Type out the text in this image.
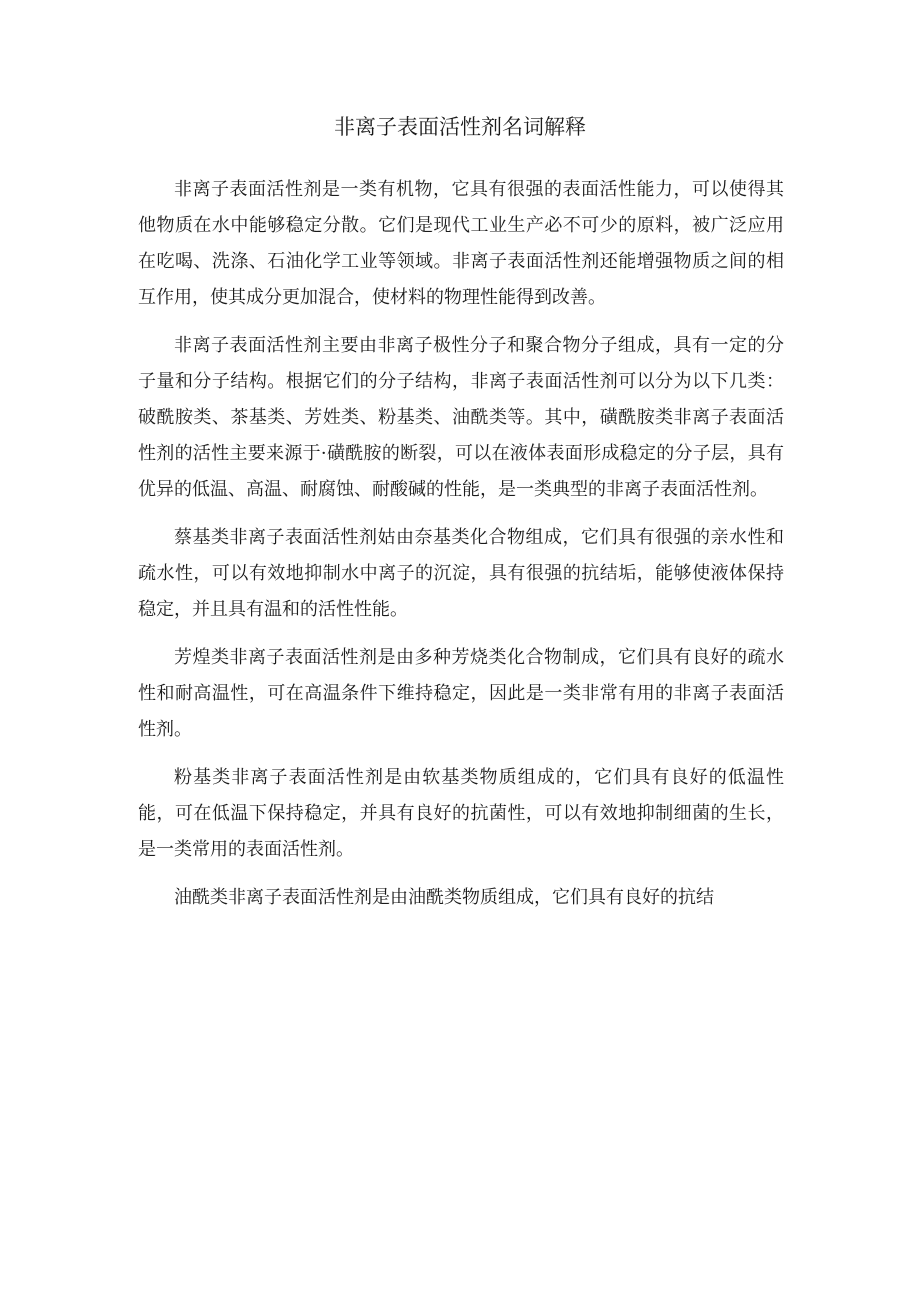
非离子表面活性剂名词解释

非离子表面活性剂是一类有机物，它具有很强的表面活性能力，可以使得其他物质在水中能够稳定分散。它们是现代工业生产必不可少的原料，被广泛应用在吃喝、洗涤、石油化学工业等领域。非离子表面活性剂还能增强物质之间的相互作用，使其成分更加混合，使材料的物理性能得到改善。

非离子表面活性剂主要由非离子极性分子和聚合物分子组成，具有一定的分子量和分子结构。根据它们的分子结构，非离子表面活性剂可以分为以下几类：破酰胺类、茶基类、芳姓类、粉基类、油酰类等。其中，磺酰胺类非离子表面活性剂的活性主要来源于·磺酰胺的断裂，可以在液体表面形成稳定的分子层，具有优异的低温、高温、耐腐蚀、耐酸碱的性能，是一类典型的非离子表面活性剂。

蔡基类非离子表面活性剂姑由奈基类化合物组成，它们具有很强的亲水性和疏水性，可以有效地抑制水中离子的沉淀，具有很强的抗结垢，能够使液体保持稳定，并且具有温和的活性性能。

芳煌类非离子表面活性剂是由多种芳烧类化合物制成，它们具有良好的疏水性和耐高温性，可在高温条件下维持稳定，因此是一类非常有用的非离子表面活性剂。

粉基类非离子表面活性剂是由软基类物质组成的，它们具有良好的低温性能，可在低温下保持稳定，并具有良好的抗菌性，可以有效地抑制细菌的生长，是一类常用的表面活性剂。

油酰类非离子表面活性剂是由油酰类物质组成，它们具有良好的抗结
